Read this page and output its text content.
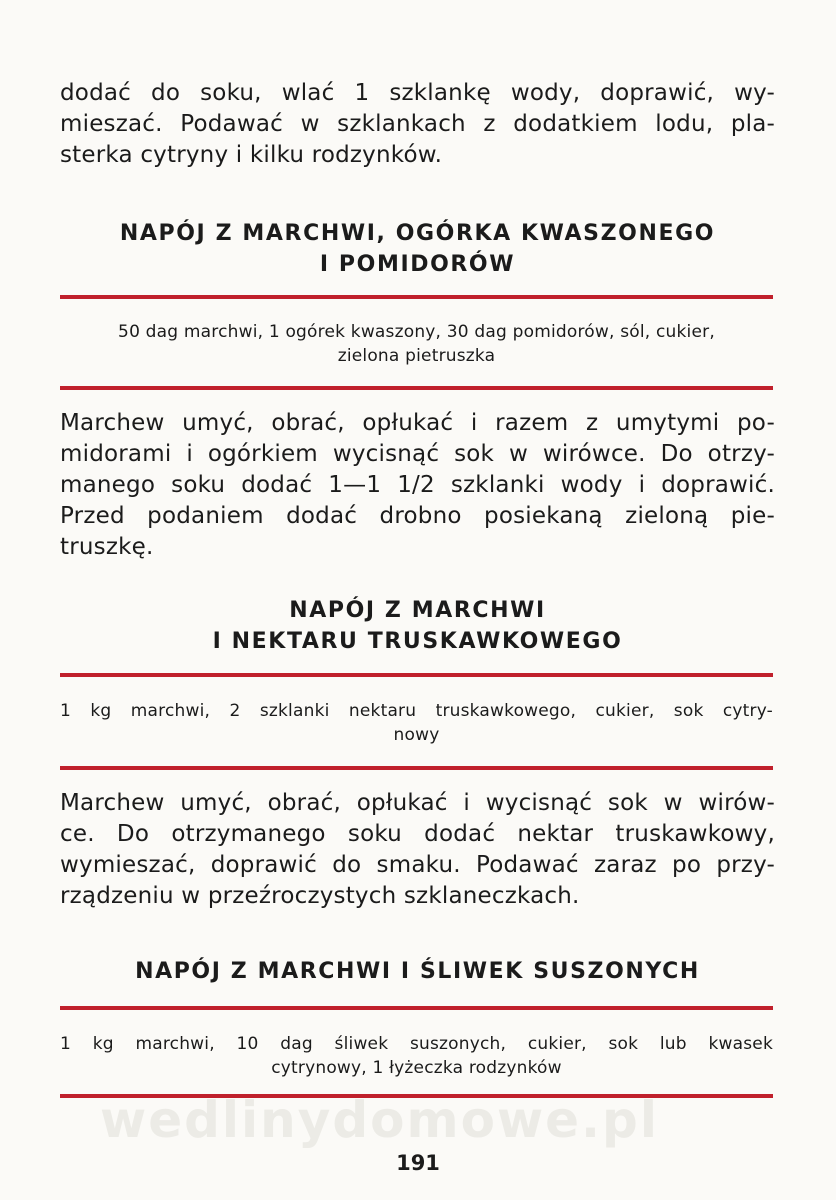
dodać do soku, wlać 1 szklankę wody, doprawić, wy-
mieszać. Podawać w szklankach z dodatkiem lodu, pla-
sterka cytryny i kilku rodzynków.

NAPÓJ Z MARCHWI, OGÓRKA KWASZONEGO
I POMIDORÓW

50 dag marchwi, 1 ogórek kwaszony, 30 dag pomidorów, sól, cukier,
zielona pietruszka

Marchew umyć, obrać, opłukać i razem z umytymi po-
midorami i ogórkiem wycisnąć sok w wirówce. Do otrzy-
manego soku dodać 1—1 1/2 szklanki wody i doprawić.
Przed podaniem dodać drobno posiekaną zieloną pie-
truszkę.

NAPÓJ Z MARCHWI
I NEKTARU TRUSKAWKOWEGO

1 kg marchwi, 2 szklanki nektaru truskawkowego, cukier, sok cytry-
nowy

Marchew umyć, obrać, opłukać i wycisnąć sok w wirów-
ce. Do otrzymanego soku dodać nektar truskawkowy,
wymieszać, doprawić do smaku. Podawać zaraz po przy-
rządzeniu w przeźroczystych szklaneczkach.

NAPÓJ Z MARCHWI I ŚLIWEK SUSZONYCH

1 kg marchwi, 10 dag śliwek suszonych, cukier, sok lub kwasek
cytrynowy, 1 łyżeczka rodzynków

wedlinydomowe.pl
191
